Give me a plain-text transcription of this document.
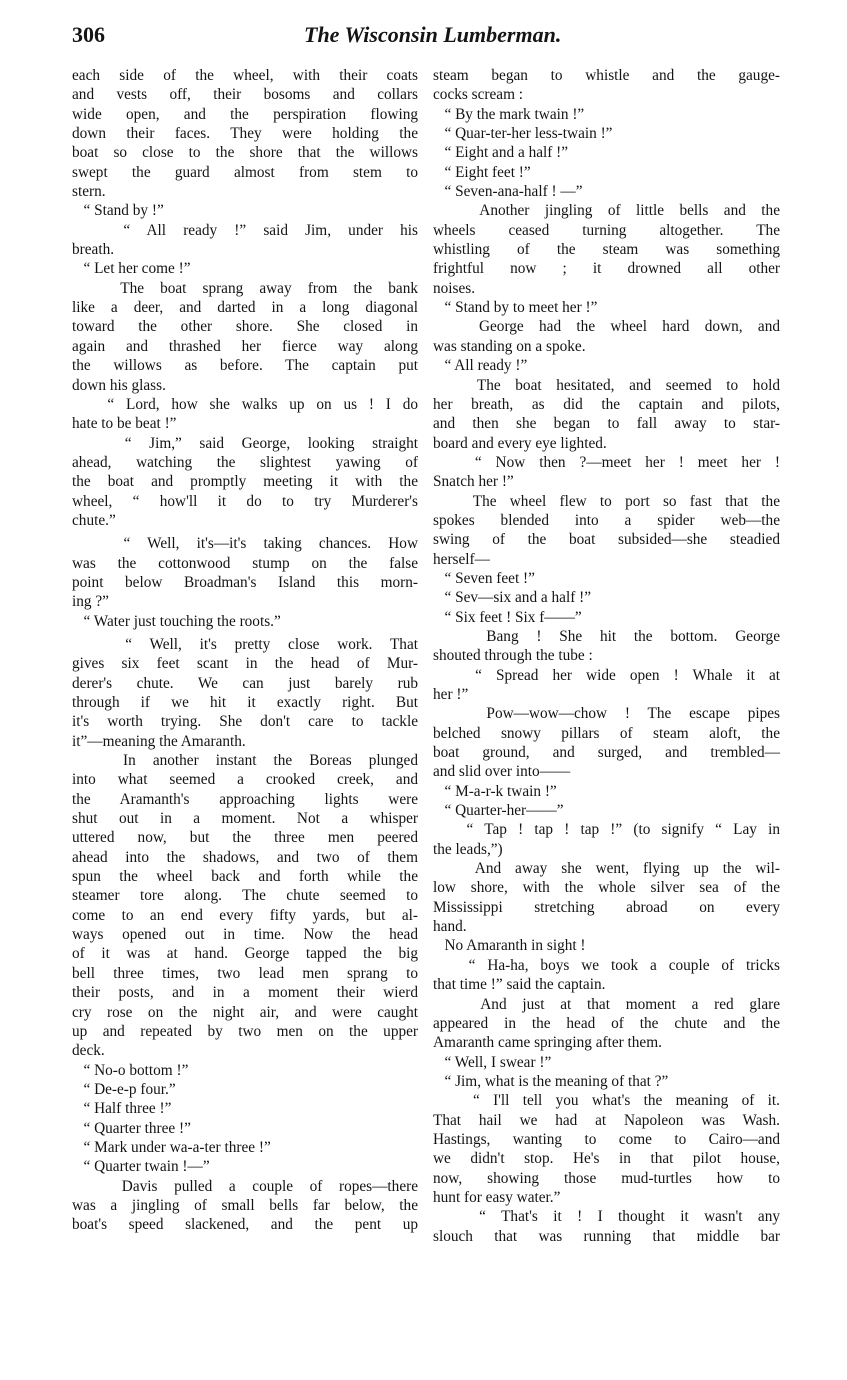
306	The Wisconsin Lumberman.
each side of the wheel, with their coats
and vests off, their bosoms and collars
wide open, and the perspiration flowing
down their faces. They were holding the
boat so close to the shore that the willows
swept the guard almost from stem to
stern.
“ Stand by !”
“ All ready !” said Jim, under his
breath.
“ Let her come !”
The boat sprang away from the bank
like a deer, and darted in a long diagonal
toward the other shore. She closed in
again and thrashed her fierce way along
the willows as before. The captain put
down his glass.
“ Lord, how she walks up on us ! I do
hate to be beat !”
“ Jim,” said George, looking straight
ahead, watching the slightest yawing of
the boat and promptly meeting it with the
wheel, “ how'll it do to try Murderer's
chute.”
“ Well, it's—it's taking chances. How
was the cottonwood stump on the false
point below Broadman's Island this morn-
ing ?”
“ Water just touching the roots.”
“ Well, it's pretty close work. That
gives six feet scant in the head of Mur-
derer's chute. We can just barely rub
through if we hit it exactly right. But
it's worth trying. She don't care to tackle
it”—meaning the Amaranth.
In another instant the Boreas plunged
into what seemed a crooked creek, and
the Aramanth's approaching lights were
shut out in a moment. Not a whisper
uttered now, but the three men peered
ahead into the shadows, and two of them
spun the wheel back and forth while the
steamer tore along. The chute seemed to
come to an end every fifty yards, but al-
ways opened out in time. Now the head
of it was at hand. George tapped the big
bell three times, two lead men sprang to
their posts, and in a moment their wierd
cry rose on the night air, and were caught
up and repeated by two men on the upper
deck.
“ No-o bottom !”
“ De-e-p four.”
“ Half three !”
“ Quarter three !”
“ Mark under wa-a-ter three !”
“ Quarter twain !—”
Davis pulled a couple of ropes—there
was a jingling of small bells far below, the
boat's speed slackened, and the pent up
steam began to whistle and the gauge-
cocks scream :
“ By the mark twain !”
“ Quar-ter-her less-twain !”
“ Eight and a half !”
“ Eight feet !”
“ Seven-ana-half ! —”
Another jingling of little bells and the
wheels ceased turning altogether. The
whistling of the steam was something
frightful now ; it drowned all other
noises.
“ Stand by to meet her !”
George had the wheel hard down, and
was standing on a spoke.
“ All ready !”
The boat hesitated, and seemed to hold
her breath, as did the captain and pilots,
and then she began to fall away to star-
board and every eye lighted.
“ Now then ?—meet her ! meet her !
Snatch her !”
The wheel flew to port so fast that the
spokes blended into a spider web—the
swing of the boat subsided—she steadied
herself—
“ Seven feet !”
“ Sev—six and a half !”
“ Six feet ! Six f——”
Bang ! She hit the bottom. George
shouted through the tube :
“ Spread her wide open ! Whale it at
her !”
Pow—wow—chow ! The escape pipes
belched snowy pillars of steam aloft, the
boat ground, and surged, and trembled—
and slid over into——
“ M-a-r-k twain !”
“ Quarter-her——”
“ Tap ! tap ! tap !” (to signify “ Lay in
the leads,”)
And away she went, flying up the wil-
low shore, with the whole silver sea of the
Mississippi stretching abroad on every
hand.
No Amaranth in sight !
“ Ha-ha, boys we took a couple of tricks
that time !” said the captain.
And just at that moment a red glare
appeared in the head of the chute and the
Amaranth came springing after them.
“ Well, I swear !”
“ Jim, what is the meaning of that ?”
“ I'll tell you what's the meaning of it.
That hail we had at Napoleon was Wash.
Hastings, wanting to come to Cairo—and
we didn't stop. He's in that pilot house,
now, showing those mud-turtles how to
hunt for easy water.”
“ That's it ! I thought it wasn't any
slouch that was running that middle bar
